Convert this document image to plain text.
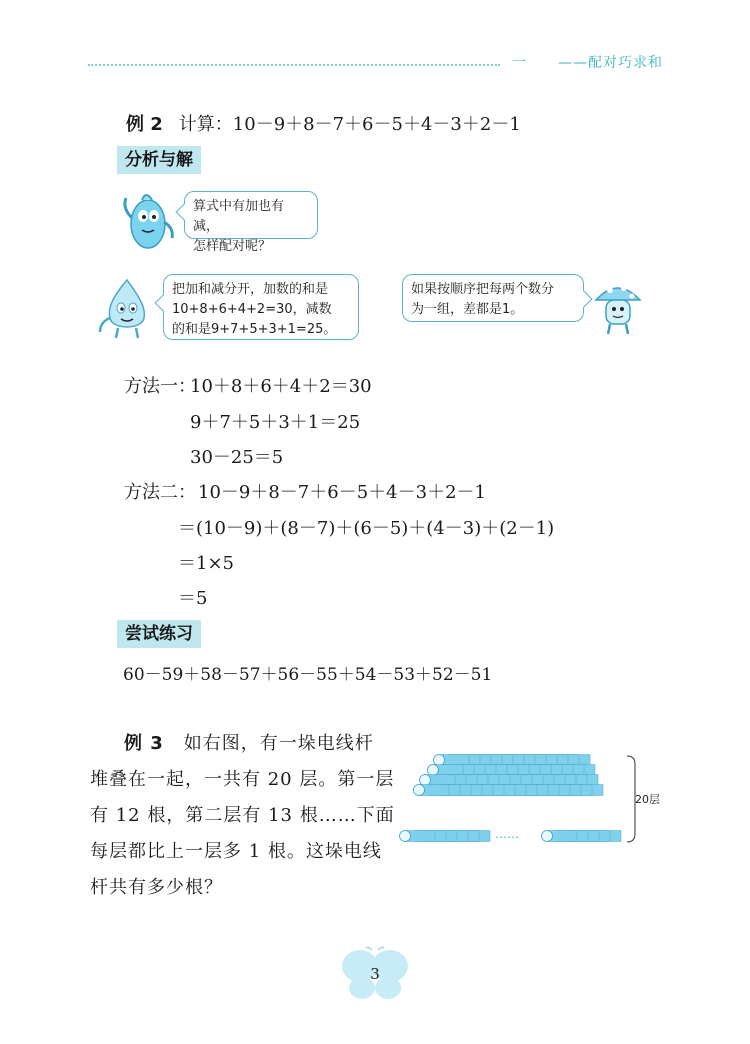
一 ——配对巧求和
例 2 计算：10－9＋8－7＋6－5＋4－3＋2－1
分析与解
算式中有加也有减，
怎样配对呢？
把加和减分开，加数的和是
10+8+6+4+2=30，减数
的和是9+7+5+3+1=25。
如果按顺序把每两个数分
为一组，差都是1。
方法一：
10＋8＋6＋4＋2＝30
9＋7＋5＋3＋1＝25
30－25＝5
方法二： 10－9＋8－7＋6－5＋4－3＋2－1
＝(10－9)＋(8－7)＋(6－5)＋(4－3)＋(2－1)
＝1×5
＝5
尝试练习
60－59＋58－57＋56－55＋54－53＋52－51
例 3 如右图，有一垛电线杆
堆叠在一起，一共有 20 层。第一层
有 12 根，第二层有 13 根……下面
每层都比上一层多 1 根。这垛电线
杆共有多少根？
20层
……
3
